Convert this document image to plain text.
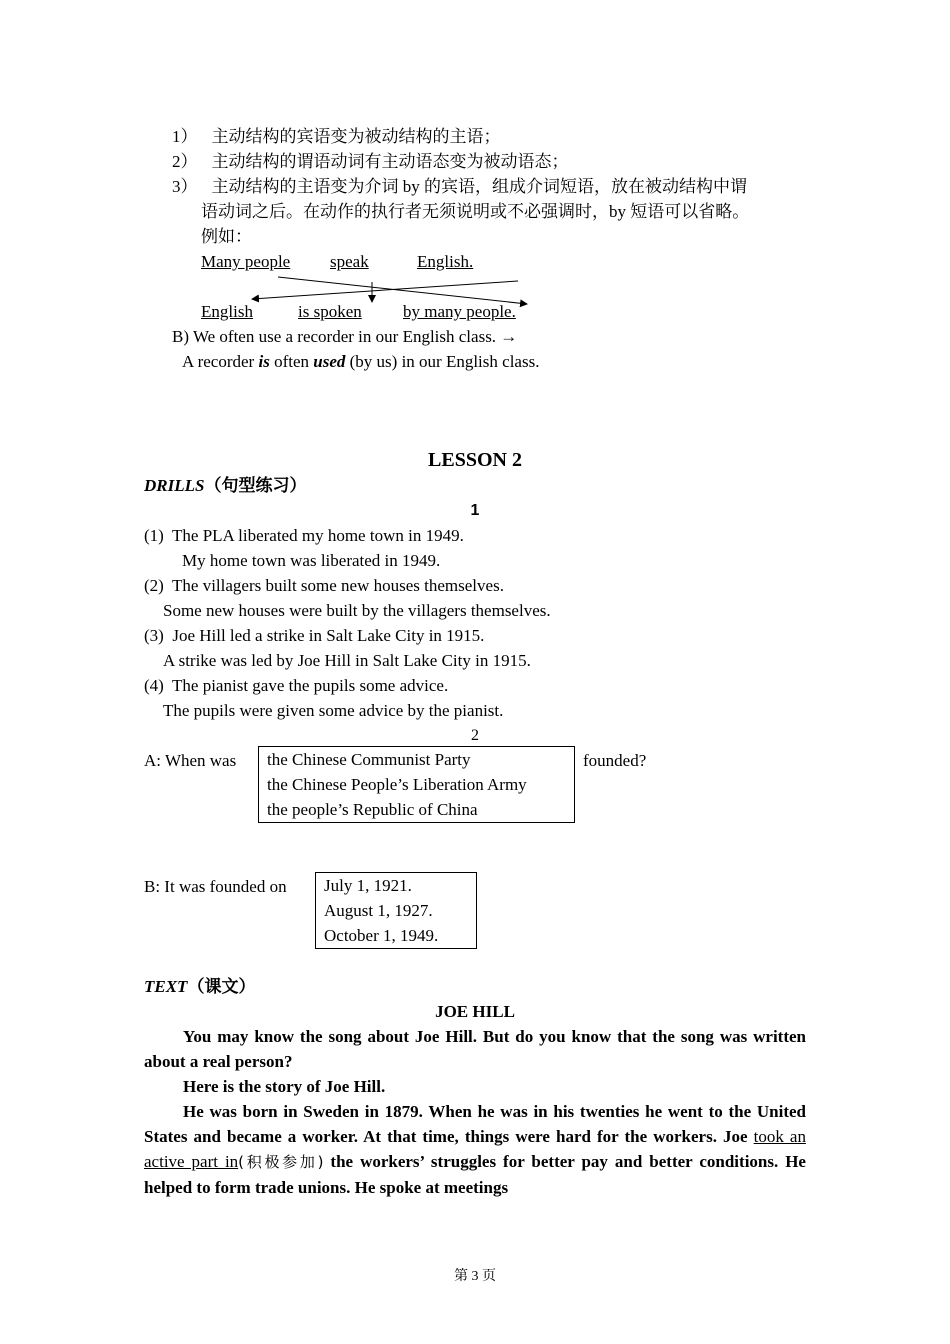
1） 主动结构的宾语变为被动结构的主语；
2） 主动结构的谓语动词有主动语态变为被动语态；
3） 主动结构的主语变为介词 by 的宾语，组成介词短语，放在被动结构中谓
语动词之后。在动作的执行者无须说明或不必强调时，by 短语可以省略。
例如：
Many people speak	English.
English	is spoken by many people.
B) We often use a recorder in our English class. →
A recorder is often used (by us) in our English class.
LESSON 2
DRILLS（句型练习）
1
(1) The PLA liberated my home town in 1949.
My home town was liberated in 1949.
(2) The villagers built some new houses themselves.
Some new houses were built by the villagers themselves.
(3) Joe Hill led a strike in Salt Lake City in 1915.
A strike was led by Joe Hill in Salt Lake City in 1915.
(4) The pianist gave the pupils some advice.
The pupils were given some advice by the pianist.
2
A: When was the Chinese Communist Party
the Chinese People’s Liberation Army
the people’s Republic of China
founded?
B: It was founded on July 1, 1921.
August 1, 1927.
October 1, 1949.
TEXT（课文）
JOE HILL
You may know the song about Joe Hill. But do you know that the song was written about a real person?
Here is the story of Joe Hill.
He was born in Sweden in 1879. When he was in his twenties he went to the United States and became a worker. At that time, things were hard for the workers. Joe took an active part in(积极参加) the workers’ struggles for better pay and better conditions. He helped to form trade unions. He spoke at meetings
第 3 页
